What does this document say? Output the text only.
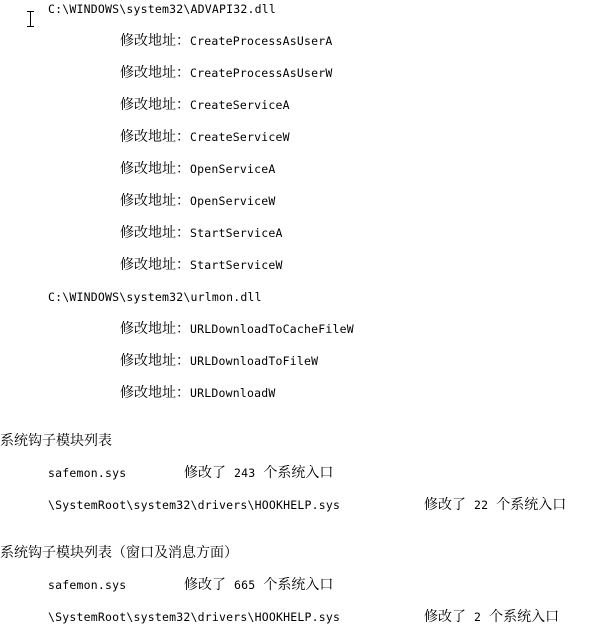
C:\WINDOWS\system32\ADVAPI32.dll
修改地址：CreateProcessAsUserA
修改地址：CreateProcessAsUserW
修改地址：CreateServiceA
修改地址：CreateServiceW
修改地址：OpenServiceA
修改地址：OpenServiceW
修改地址：StartServiceA
修改地址：StartServiceW
C:\WINDOWS\system32\urlmon.dll
修改地址：URLDownloadToCacheFileW
修改地址：URLDownloadToFileW
修改地址：URLDownloadW
系统钩子模块列表
safemon.sys	修改了 243 个系统入口
\SystemRoot\system32\drivers\HOOKHELP.sys	修改了 22 个系统入口
系统钩子模块列表（窗口及消息方面）
safemon.sys	修改了 665 个系统入口
\SystemRoot\system32\drivers\HOOKHELP.sys	修改了 2 个系统入口
